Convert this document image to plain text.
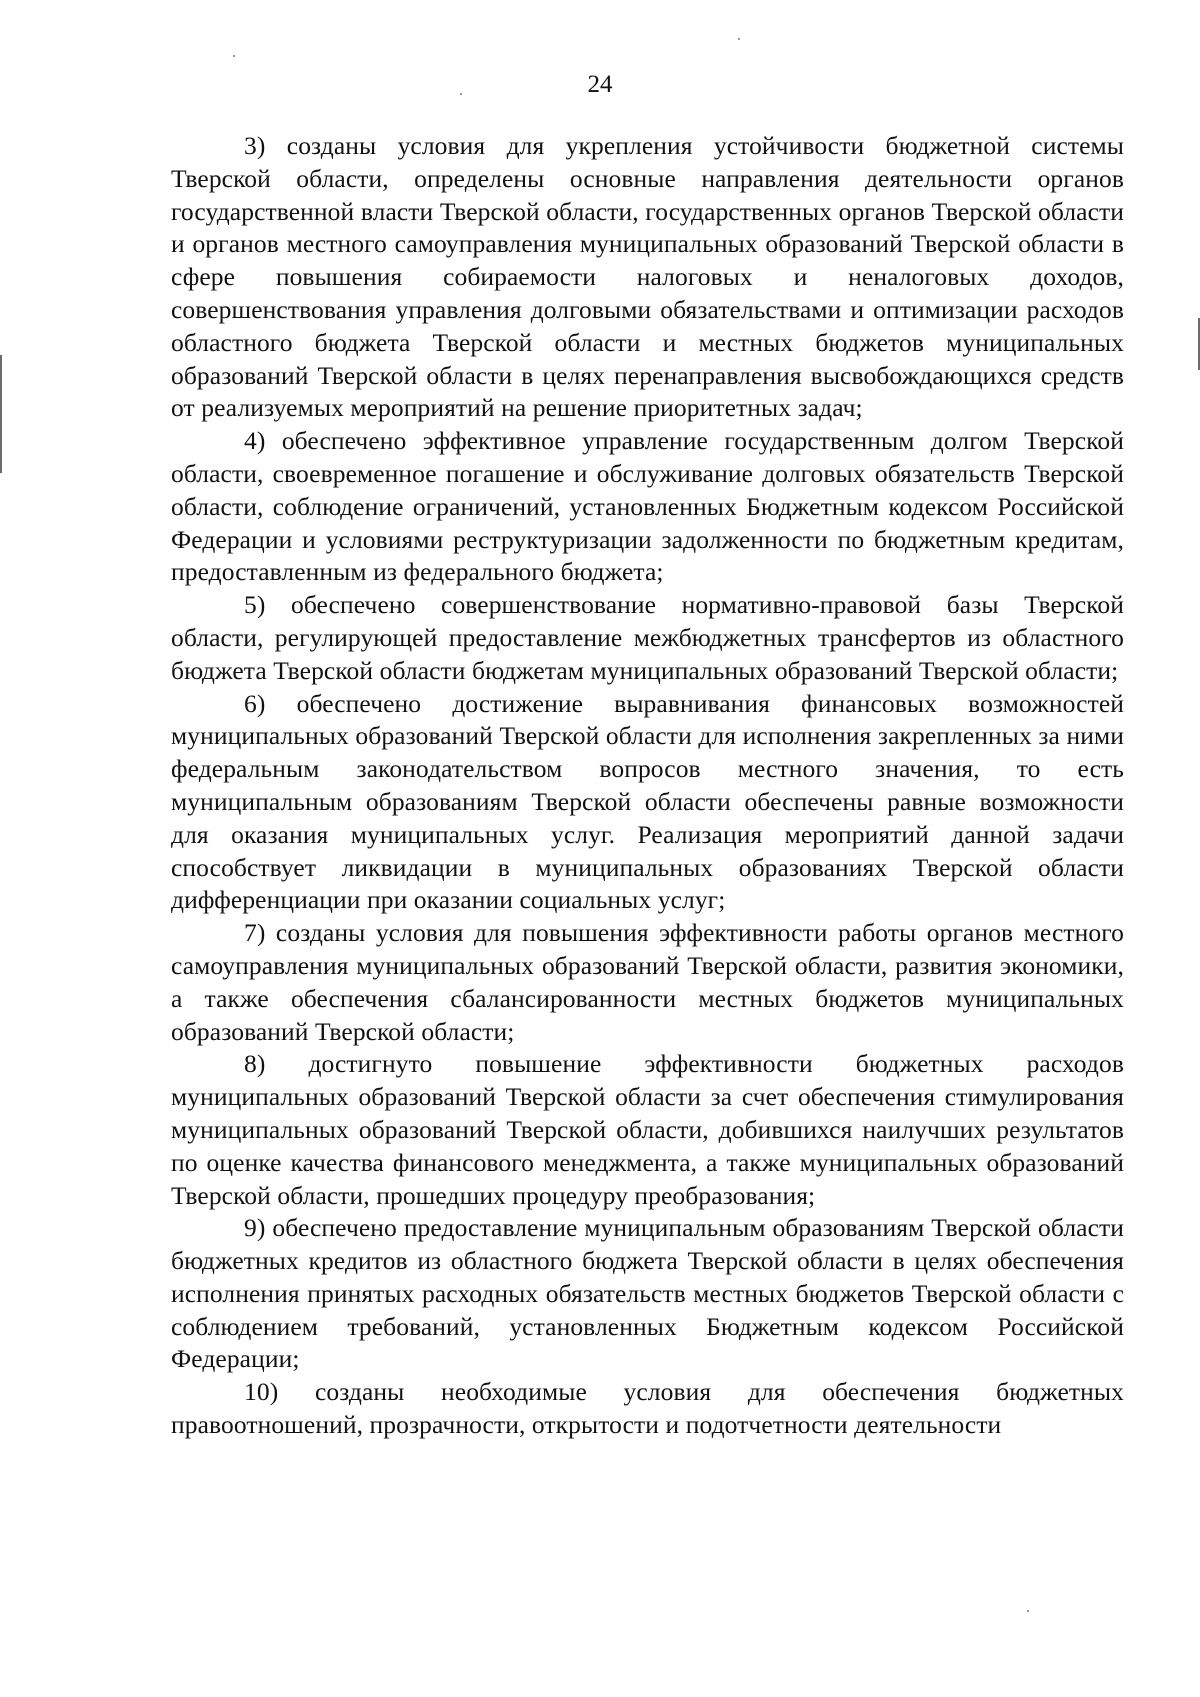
24

3) созданы условия для укрепления устойчивости бюджетной системы Тверской области, определены основные направления деятельности органов государственной власти Тверской области, государственных органов Тверской области и органов местного самоуправления муниципальных образований Тверской области в сфере повышения собираемости налоговых и неналоговых доходов, совершенствования управления долговыми обязательствами и оптимизации расходов областного бюджета Тверской области и местных бюджетов муниципальных образований Тверской области в целях перенаправления высвобождающихся средств от реализуемых мероприятий на решение приоритетных задач;

4) обеспечено эффективное управление государственным долгом Тверской области, своевременное погашение и обслуживание долговых обязательств Тверской области, соблюдение ограничений, установленных Бюджетным кодексом Российской Федерации и условиями реструктуризации задолженности по бюджетным кредитам, предоставленным из федерального бюджета;

5) обеспечено совершенствование нормативно-правовой базы Тверской области, регулирующей предоставление межбюджетных трансфертов из областного бюджета Тверской области бюджетам муниципальных образований Тверской области;

6) обеспечено достижение выравнивания финансовых возможностей муниципальных образований Тверской области для исполнения закрепленных за ними федеральным законодательством вопросов местного значения, то есть муниципальным образованиям Тверской области обеспечены равные возможности для оказания муниципальных услуг. Реализация мероприятий данной задачи способствует ликвидации в муниципальных образованиях Тверской области дифференциации при оказании социальных услуг;

7) созданы условия для повышения эффективности работы органов местного самоуправления муниципальных образований Тверской области, развития экономики, а также обеспечения сбалансированности местных бюджетов муниципальных образований Тверской области;

8) достигнуто повышение эффективности бюджетных расходов муниципальных образований Тверской области за счет обеспечения стимулирования муниципальных образований Тверской области, добившихся наилучших результатов по оценке качества финансового менеджмента, а также муниципальных образований Тверской области, прошедших процедуру преобразования;

9) обеспечено предоставление муниципальным образованиям Тверской области бюджетных кредитов из областного бюджета Тверской области в целях обеспечения исполнения принятых расходных обязательств местных бюджетов Тверской области с соблюдением требований, установленных Бюджетным кодексом Российской Федерации;

10) созданы необходимые условия для обеспечения бюджетных правоотношений, прозрачности, открытости и подотчетности деятельности
